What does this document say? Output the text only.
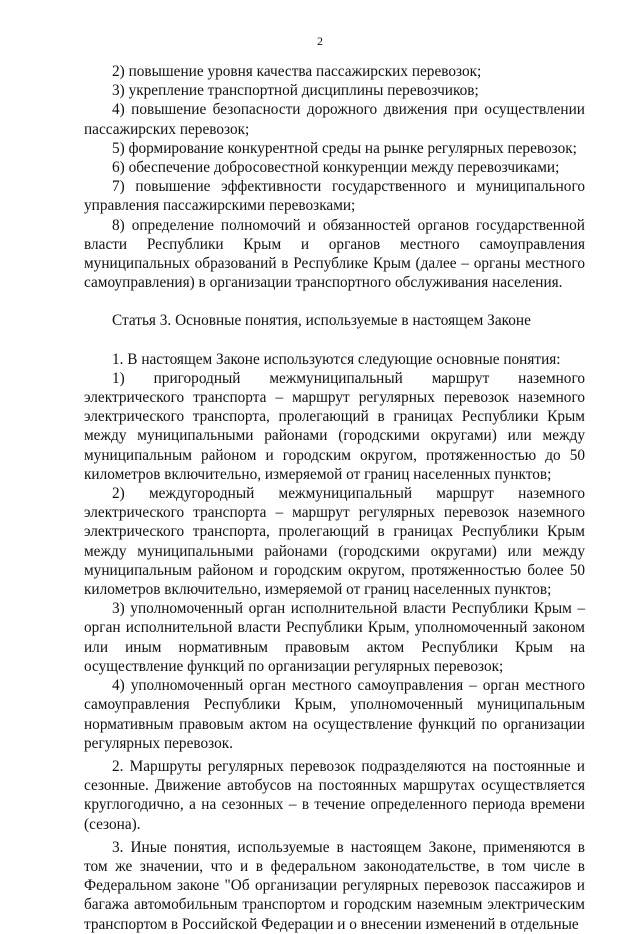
2

2) повышение уровня качества пассажирских перевозок;

3) укрепление транспортной дисциплины перевозчиков;

4) повышение безопасности дорожного движения при осуществлении пассажирских перевозок;

5) формирование конкурентной среды на рынке регулярных перевозок;

6) обеспечение добросовестной конкуренции между перевозчиками;

7) повышение эффективности государственного и муниципального управления пассажирскими перевозками;

8) определение полномочий и обязанностей органов государственной власти Республики Крым и органов местного самоуправления муниципальных образований в Республике Крым (далее – органы местного самоуправления) в организации транспортного обслуживания населения.

Статья 3. Основные понятия, используемые в настоящем Законе

1. В настоящем Законе используются следующие основные понятия:

1) пригородный межмуниципальный маршрут наземного электрического транспорта – маршрут регулярных перевозок наземного электрического транспорта, пролегающий в границах Республики Крым между муниципальными районами (городскими округами) или между муниципальным районом и городским округом, протяженностью до 50 километров включительно, измеряемой от границ населенных пунктов;

2) междугородный межмуниципальный маршрут наземного электрического транспорта – маршрут регулярных перевозок наземного электрического транспорта, пролегающий в границах Республики Крым между муниципальными районами (городскими округами) или между муниципальным районом и городским округом, протяженностью более 50 километров включительно, измеряемой от границ населенных пунктов;

3) уполномоченный орган исполнительной власти Республики Крым – орган исполнительной власти Республики Крым, уполномоченный законом или иным нормативным правовым актом Республики Крым на осуществление функций по организации регулярных перевозок;

4) уполномоченный орган местного самоуправления – орган местного самоуправления Республики Крым, уполномоченный муниципальным нормативным правовым актом на осуществление функций по организации регулярных перевозок.

2. Маршруты регулярных перевозок подразделяются на постоянные и сезонные. Движение автобусов на постоянных маршрутах осуществляется круглогодично, а на сезонных – в течение определенного периода времени (сезона).

3. Иные понятия, используемые в настоящем Законе, применяются в том же значении, что и в федеральном законодательстве, в том числе в Федеральном законе "Об организации регулярных перевозок пассажиров и багажа автомобильным транспортом и городским наземным электрическим транспортом в Российской Федерации и о внесении изменений в отдельные
